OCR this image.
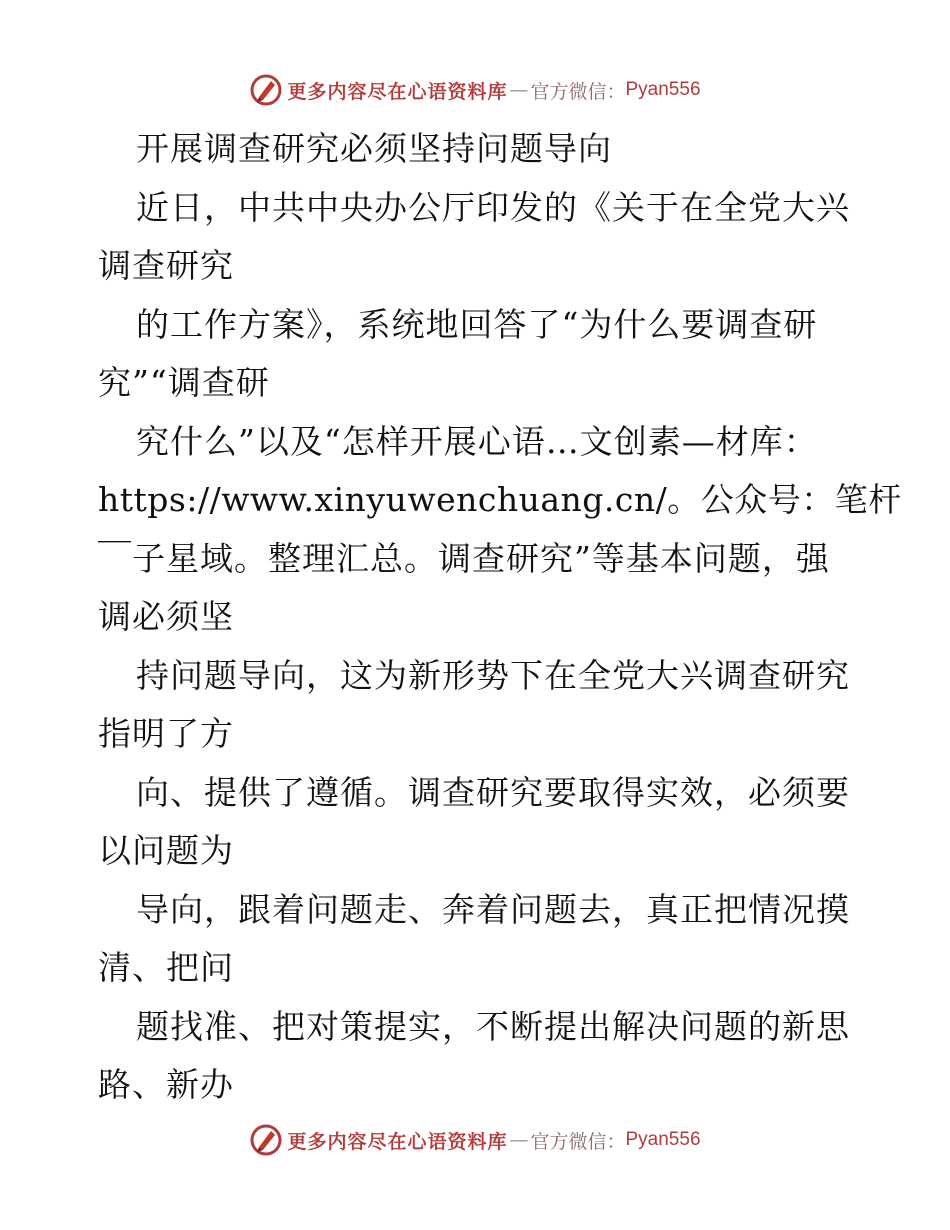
更多内容尽在心语资料库 — 官方微信： Pyan556
开展调查研究必须坚持问题导向
近日，中共中央办公厅印发的《关于在全党大兴
调查研究
的工作方案》，系统地回答了“为什么要调查研
究”“调查研
究什么”以及“怎样开展心语…文创素—材库：
https://www.xinyuwenchuang.cn/。公众号：笔杆
￣子星域。整理汇总。调查研究”等基本问题，强
调必须坚
持问题导向，这为新形势下在全党大兴调查研究
指明了方
向、提供了遵循。调查研究要取得实效，必须要
以问题为
导向，跟着问题走、奔着问题去，真正把情况摸
清、把问
题找准、把对策提实，不断提出解决问题的新思
路、新办
更多内容尽在心语资料库 — 官方微信： Pyan556
